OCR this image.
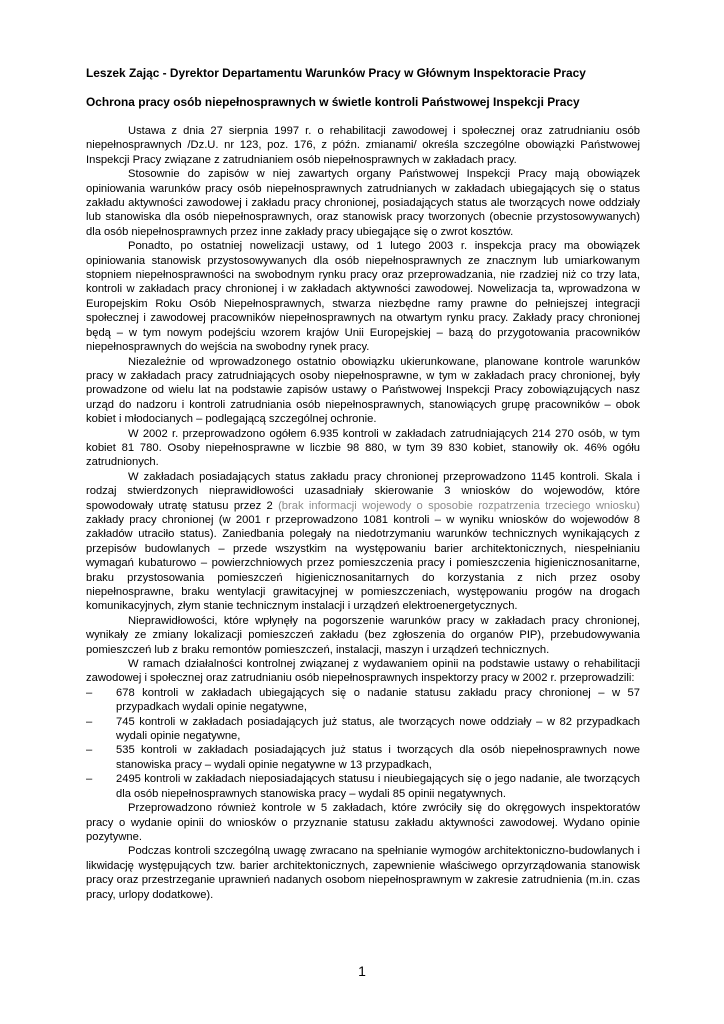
Leszek Zając - Dyrektor Departamentu Warunków Pracy w Głównym Inspektoracie Pracy

Ochrona pracy osób niepełnosprawnych w świetle kontroli Państwowej Inspekcji Pracy

Ustawa z dnia 27 sierpnia 1997 r. o rehabilitacji zawodowej i społecznej oraz zatrudnianiu osób niepełnosprawnych /Dz.U. nr 123, poz. 176, z późn. zmianami/ określa szczególne obowiązki Państwowej Inspekcji Pracy związane z zatrudnianiem osób niepełnosprawnych w zakładach pracy.

Stosownie do zapisów w niej zawartych organy Państwowej Inspekcji Pracy mają obowiązek opiniowania warunków pracy osób niepełnosprawnych zatrudnianych w zakładach ubiegających się o status zakładu aktywności zawodowej i zakładu pracy chronionej, posiadających status ale tworzących nowe oddziały lub stanowiska dla osób niepełnosprawnych, oraz stanowisk pracy tworzonych (obecnie przystosowywanych) dla osób niepełnosprawnych przez inne zakłady pracy ubiegające się o zwrot kosztów.

Ponadto, po ostatniej nowelizacji ustawy, od 1 lutego 2003 r. inspekcja pracy ma obowiązek opiniowania stanowisk przystosowywanych dla osób niepełnosprawnych ze znacznym lub umiarkowanym stopniem niepełnosprawności na swobodnym rynku pracy oraz przeprowadzania, nie rzadziej niż co trzy lata, kontroli w zakładach pracy chronionej i w zakładach aktywności zawodowej. Nowelizacja ta, wprowadzona w Europejskim Roku Osób Niepełnosprawnych, stwarza niezbędne ramy prawne do pełniejszej integracji społecznej i zawodowej pracowników niepełnosprawnych na otwartym rynku pracy. Zakłady pracy chronionej będą – w tym nowym podejściu wzorem krajów Unii Europejskiej – bazą do przygotowania pracowników niepełnosprawnych do wejścia na swobodny rynek pracy.

Niezależnie od wprowadzonego ostatnio obowiązku ukierunkowane, planowane kontrole warunków pracy w zakładach pracy zatrudniających osoby niepełnosprawne, w tym w zakładach pracy chronionej, były prowadzone od wielu lat na podstawie zapisów ustawy o Państwowej Inspekcji Pracy zobowiązujących nasz urząd do nadzoru i kontroli zatrudniania osób niepełnosprawnych, stanowiących grupę pracowników – obok kobiet i młodocianych – podlegającą szczególnej ochronie.

W 2002 r. przeprowadzono ogółem 6.935 kontroli w zakładach zatrudniających 214 270 osób, w tym kobiet 81 780. Osoby niepełnosprawne w liczbie 98 880, w tym 39 830 kobiet, stanowiły ok. 46% ogółu zatrudnionych.

W zakładach posiadających status zakładu pracy chronionej przeprowadzono 1145 kontroli. Skala i rodzaj stwierdzonych nieprawidłowości uzasadniały skierowanie 3 wniosków do wojewodów, które spowodowały utratę statusu przez 2 (brak informacji wojewody o sposobie rozpatrzenia trzeciego wniosku) zakłady pracy chronionej (w 2001 r przeprowadzono 1081 kontroli – w wyniku wniosków do wojewodów 8 zakładów utraciło status). Zaniedbania polegały na niedotrzymaniu warunków technicznych wynikających z przepisów budowlanych – przede wszystkim na występowaniu barier architektonicznych, niespełnianiu wymagań kubaturowo – powierzchniowych przez pomieszczenia pracy i pomieszczenia higienicznosanitarne, braku przystosowania pomieszczeń higienicznosanitarnych do korzystania z nich przez osoby niepełnosprawne, braku wentylacji grawitacyjnej w pomieszczeniach, występowaniu progów na drogach komunikacyjnych, złym stanie technicznym instalacji i urządzeń elektroenergetycznych.

Nieprawidłowości, które wpłynęły na pogorszenie warunków pracy w zakładach pracy chronionej, wynikały ze zmiany lokalizacji pomieszczeń zakładu (bez zgłoszenia do organów PIP), przebudowywania pomieszczeń lub z braku remontów pomieszczeń, instalacji, maszyn i urządzeń technicznych.

W ramach działalności kontrolnej związanej z wydawaniem opinii na podstawie ustawy o rehabilitacji zawodowej i społecznej oraz zatrudnianiu osób niepełnosprawnych inspektorzy pracy w 2002 r. przeprowadzili:

– 678 kontroli w zakładach ubiegających się o nadanie statusu zakładu pracy chronionej – w 57 przypadkach wydali opinie negatywne,
– 745 kontroli w zakładach posiadających już status, ale tworzących nowe oddziały – w 82 przypadkach wydali opinie negatywne,
– 535 kontroli w zakładach posiadających już status i tworzących dla osób niepełnosprawnych nowe stanowiska pracy – wydali opinie negatywne w 13 przypadkach,
– 2495 kontroli w zakładach nieposiadających statusu i nieubiegających się o jego nadanie, ale tworzących dla osób niepełnosprawnych stanowiska pracy – wydali 85 opinii negatywnych.

Przeprowadzono również kontrole w 5 zakładach, które zwróciły się do okręgowych inspektoratów pracy o wydanie opinii do wniosków o przyznanie statusu zakładu aktywności zawodowej. Wydano opinie pozytywne.

Podczas kontroli szczególną uwagę zwracano na spełnianie wymogów architektoniczno-budowlanych i likwidację występujących tzw. barier architektonicznych, zapewnienie właściwego oprzyrządowania stanowisk pracy oraz przestrzeganie uprawnień nadanych osobom niepełnosprawnym w zakresie zatrudnienia (m.in. czas pracy, urlopy dodatkowe).

1
